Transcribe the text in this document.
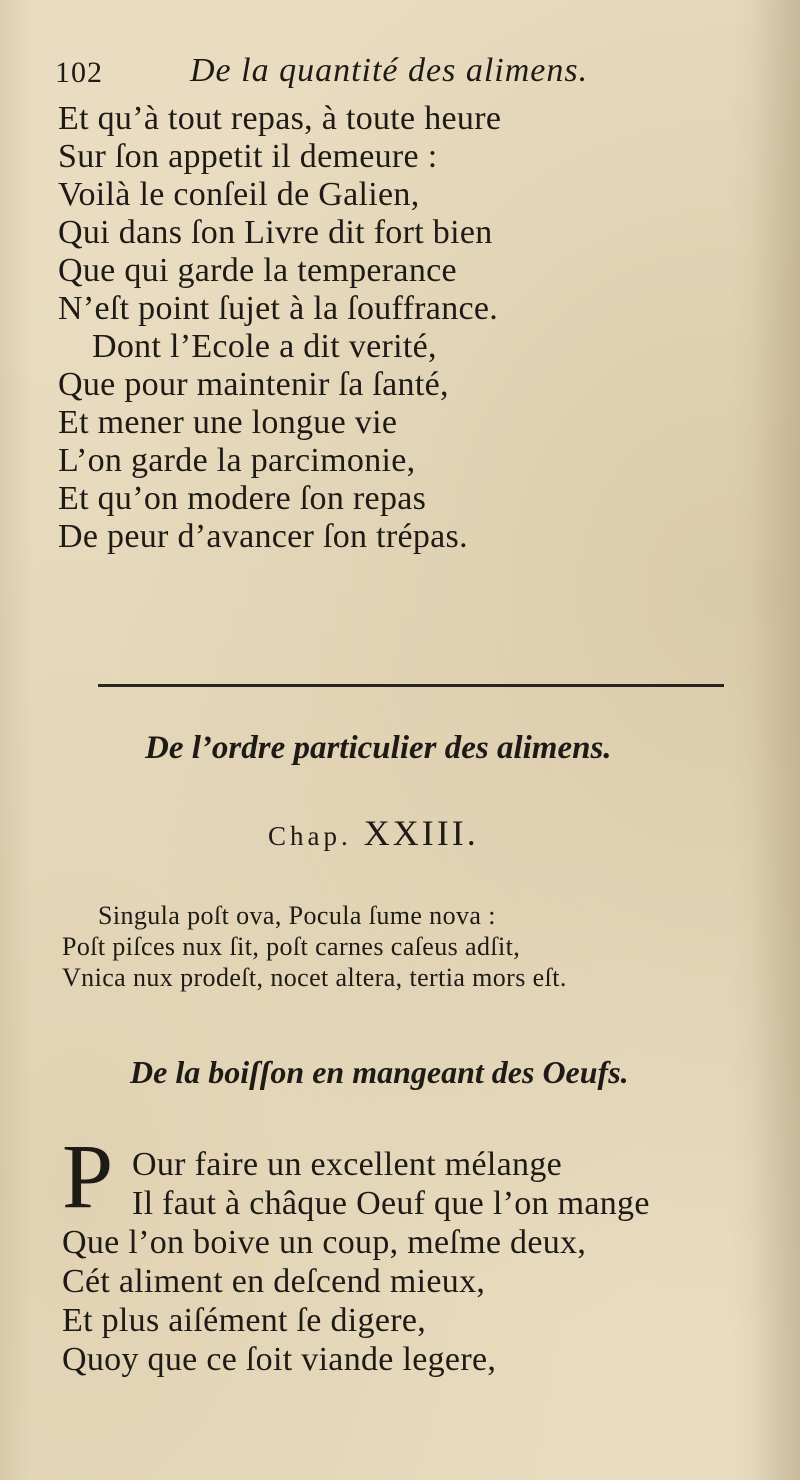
102	De la quantité des alimens.
Et qu’à tout repas, à toute heure
Sur ſon appetit il demeure :
Voilà le conſeil de Galien,
Qui dans ſon Livre dit fort bien
Que qui garde la temperance
N’eſt point ſujet à la ſouffrance.
Dont l’Ecole a dit verité,
Que pour maintenir ſa ſanté,
Et mener une longue vie
L’on garde la parcimonie,
Et qu’on modere ſon repas
De peur d’avancer ſon trépas.
De l’ordre particulier des alimens.
Chap. XXIII.
Singula poſt ova, Pocula ſume nova :
Poſt piſces nux ſit, poſt carnes caſeus adſit,
Vnica nux prodeſt, nocet altera, tertia mors eſt.
De la boiſſon en mangeant des Oeufs.
P Our faire un excellent mélange
Il faut à châque Oeuf que l’on mange
Que l’on boive un coup, meſme deux,
Cét aliment en deſcend mieux,
Et plus aiſément ſe digere,
Quoy que ce ſoit viande legere,
